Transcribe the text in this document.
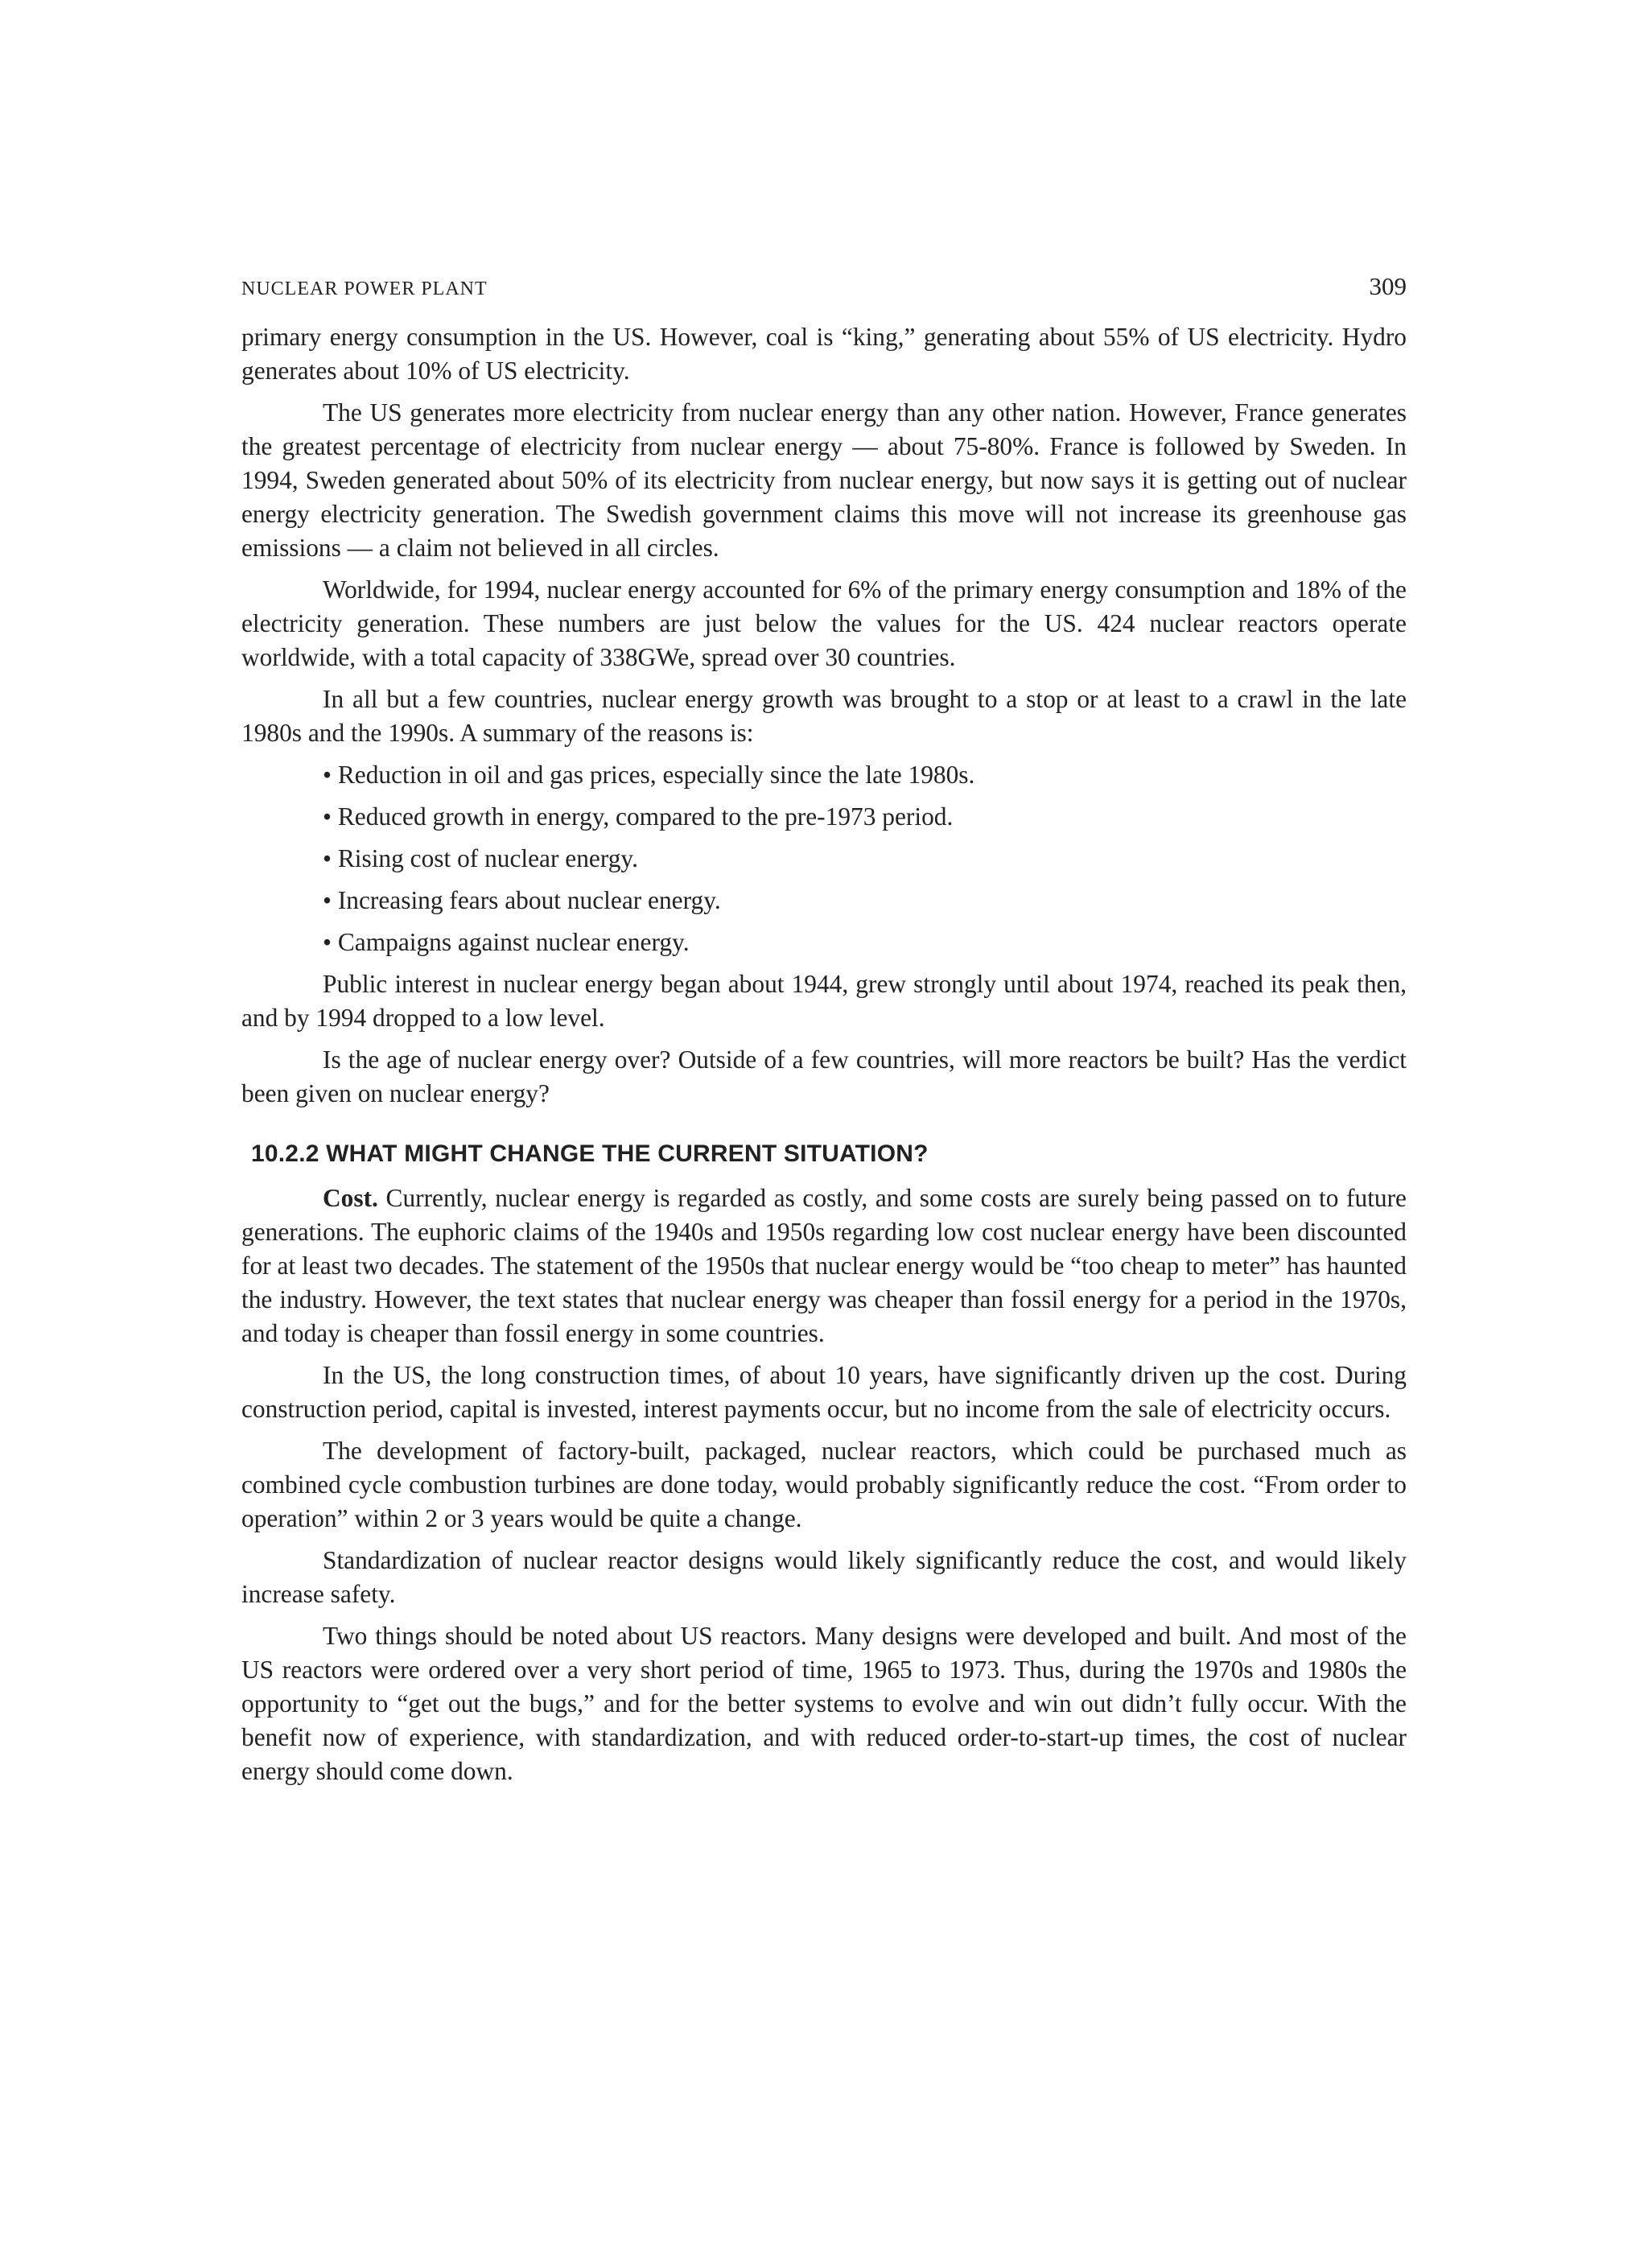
NUCLEAR POWER PLANT	309

primary energy consumption in the US. However, coal is “king,” generating about 55% of US electricity. Hydro generates about 10% of US electricity.

The US generates more electricity from nuclear energy than any other nation. However, France generates the greatest percentage of electricity from nuclear energy — about 75-80%. France is followed by Sweden. In 1994, Sweden generated about 50% of its electricity from nuclear energy, but now says it is getting out of nuclear energy electricity generation. The Swedish government claims this move will not increase its greenhouse gas emissions — a claim not believed in all circles.

Worldwide, for 1994, nuclear energy accounted for 6% of the primary energy consumption and 18% of the electricity generation. These numbers are just below the values for the US. 424 nuclear reactors operate worldwide, with a total capacity of 338GWe, spread over 30 countries.

In all but a few countries, nuclear energy growth was brought to a stop or at least to a crawl in the late 1980s and the 1990s. A summary of the reasons is:

• Reduction in oil and gas prices, especially since the late 1980s.
• Reduced growth in energy, compared to the pre-1973 period.
• Rising cost of nuclear energy.
• Increasing fears about nuclear energy.
• Campaigns against nuclear energy.

Public interest in nuclear energy began about 1944, grew strongly until about 1974, reached its peak then, and by 1994 dropped to a low level.

Is the age of nuclear energy over? Outside of a few countries, will more reactors be built? Has the verdict been given on nuclear energy?

10.2.2 WHAT MIGHT CHANGE THE CURRENT SITUATION?

Cost. Currently, nuclear energy is regarded as costly, and some costs are surely being passed on to future generations. The euphoric claims of the 1940s and 1950s regarding low cost nuclear energy have been discounted for at least two decades. The statement of the 1950s that nuclear energy would be “too cheap to meter” has haunted the industry. However, the text states that nuclear energy was cheaper than fossil energy for a period in the 1970s, and today is cheaper than fossil energy in some countries.

In the US, the long construction times, of about 10 years, have significantly driven up the cost. During construction period, capital is invested, interest payments occur, but no income from the sale of electricity occurs.

The development of factory-built, packaged, nuclear reactors, which could be purchased much as combined cycle combustion turbines are done today, would probably significantly reduce the cost. “From order to operation” within 2 or 3 years would be quite a change.

Standardization of nuclear reactor designs would likely significantly reduce the cost, and would likely increase safety.

Two things should be noted about US reactors. Many designs were developed and built. And most of the US reactors were ordered over a very short period of time, 1965 to 1973. Thus, during the 1970s and 1980s the opportunity to “get out the bugs,” and for the better systems to evolve and win out didn’t fully occur. With the benefit now of experience, with standardization, and with reduced order-to-start-up times, the cost of nuclear energy should come down.
